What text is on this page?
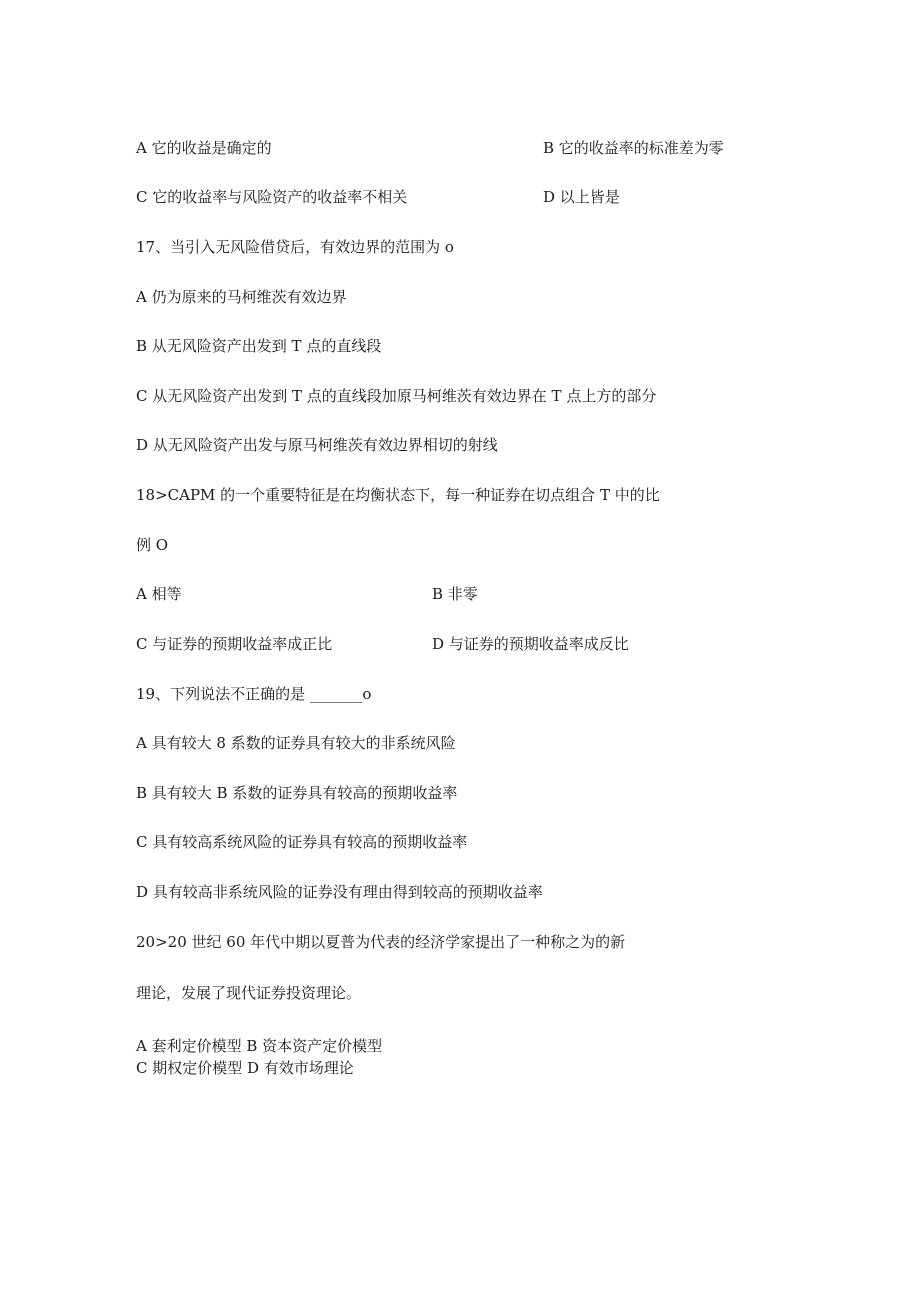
A 它的收益是确定的	B 它的收益率的标准差为零
C 它的收益率与风险资产的收益率不相关	D 以上皆是
17、当引入无风险借贷后，有效边界的范围为 o
A 仍为原来的马柯维茨有效边界
B 从无风险资产出发到 T 点的直线段
C 从无风险资产出发到 T 点的直线段加原马柯维茨有效边界在 T 点上方的部分
D 从无风险资产出发与原马柯维茨有效边界相切的射线
18>CAPM 的一个重要特征是在均衡状态下，每一种证券在切点组合 T 中的比
例 O
A 相等	B 非零
C 与证券的预期收益率成正比	D 与证券的预期收益率成反比
19、下列说法不正确的是 _______o
A 具有较大 8 系数的证券具有较大的非系统风险
B 具有较大 B 系数的证券具有较高的预期收益率
C 具有较高系统风险的证券具有较高的预期收益率
D 具有较高非系统风险的证券没有理由得到较高的预期收益率
20>20 世纪 60 年代中期以夏普为代表的经济学家提出了一种称之为的新
理论，发展了现代证券投资理论。
A 套利定价模型 B 资本资产定价模型
C 期权定价模型 D 有效市场理论
